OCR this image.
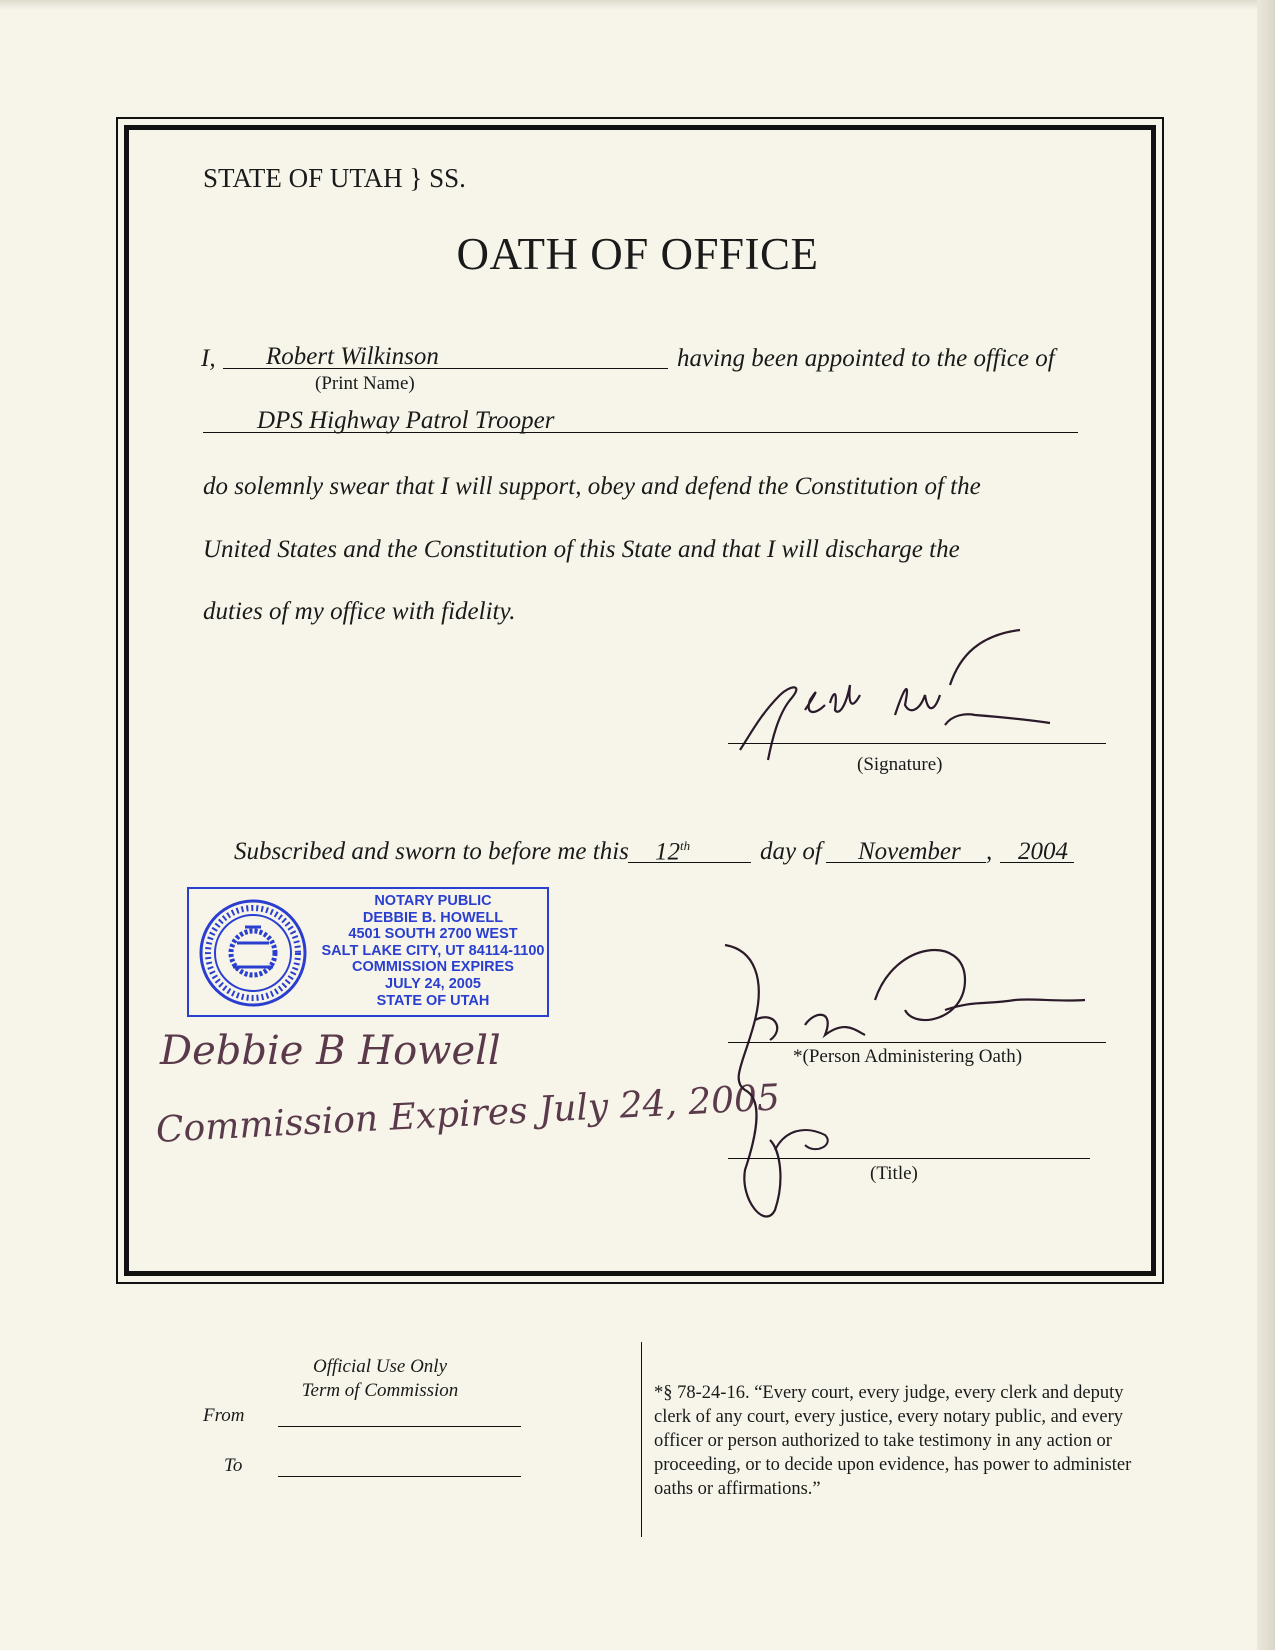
STATE OF UTAH } SS.
OATH OF OFFICE
I, Robert Wilkinson	having been appointed to the office of
(Print Name)
DPS Highway Patrol Trooper
do solemnly swear that I will support, obey and defend the Constitution of the
United States and the Constitution of this State and that I will discharge the
duties of my office with fidelity.
(Signature)
Subscribed and sworn to before me this 12th	day of November , 2004
NOTARY PUBLIC
DEBBIE B. HOWELL
4501 SOUTH 2700 WEST
SALT LAKE CITY, UT 84114-1100
COMMISSION EXPIRES
JULY 24, 2005
STATE OF UTAH
Debbie B Howell
Commission Expires July 24, 2005
*(Person Administering Oath)
(Title)
Official Use Only
Term of Commission
From
To
*§ 78-24-16. “Every court, every judge, every clerk and deputy clerk of any court, every justice, every notary public, and every officer or person authorized to take testimony in any action or proceeding, or to decide upon evidence, has power to administer oaths or affirmations.”
